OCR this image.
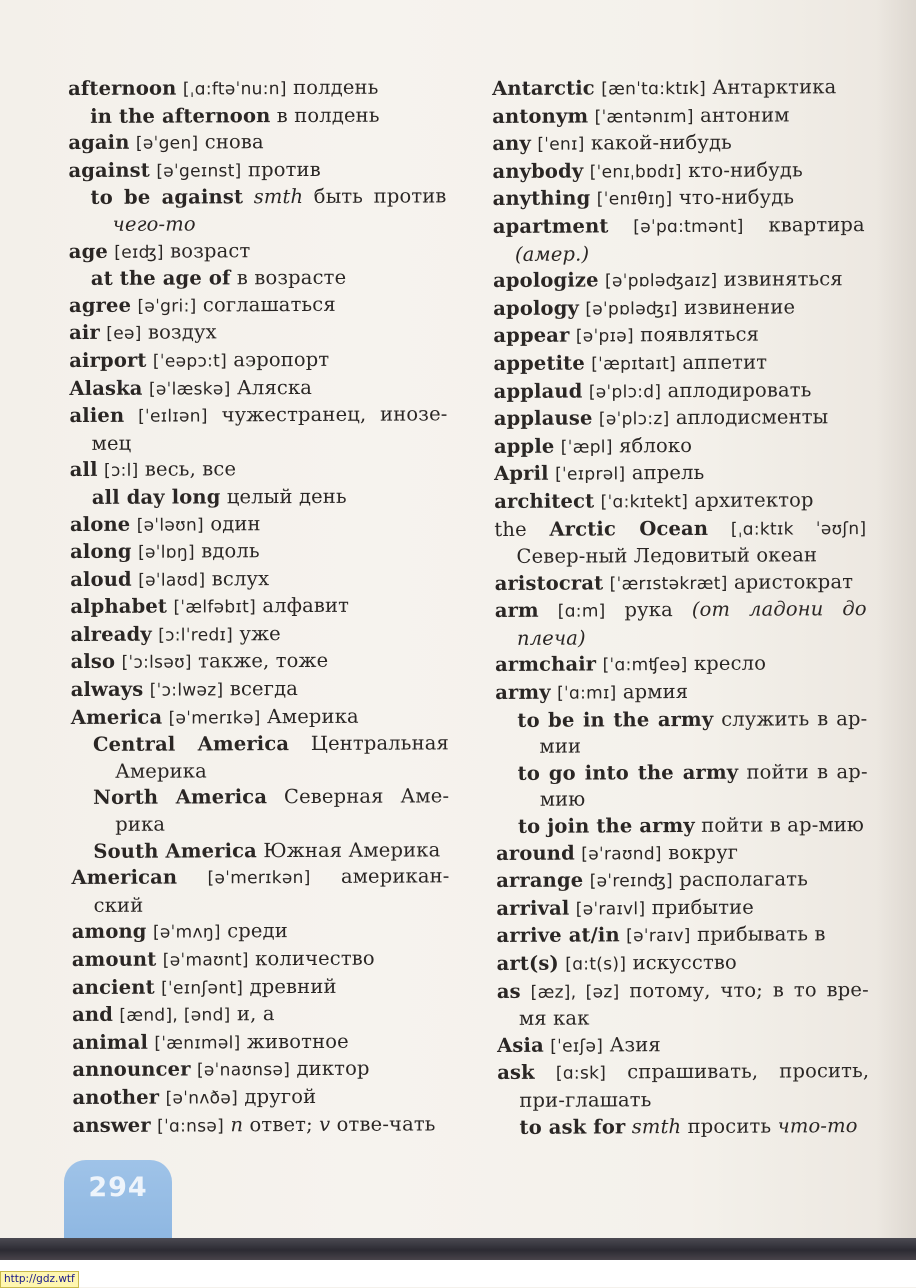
afternoon [ˌɑ:ftəˈnu:n] полдень
in the afternoon в полдень
again [əˈgen] снова
against [əˈgeɪnst] против
to be against smth быть против чего-то
age [eɪʤ] возраст
at the age of в возрасте
agree [əˈgri:] соглашаться
air [eə] воздух
airport [ˈeəpɔ:t] аэропорт
Alaska [əˈlæskə] Аляска
alien [ˈeɪlɪən] чужестранец, инозе-мец
all [ɔ:l] весь, все
all day long целый день
alone [əˈləʊn] один
along [əˈlɒŋ] вдоль
aloud [əˈlaʊd] вслух
alphabet [ˈælfəbɪt] алфавит
already [ɔ:lˈredɪ] уже
also [ˈɔ:lsəʊ] также, тоже
always [ˈɔ:lwəz] всегда
America [əˈmerɪkə] Америка
Central America Центральная Америка
North America Северная Аме-рика
South America Южная Америка
American [əˈmerɪkən] американ-ский
among [əˈmʌŋ] среди
amount [əˈmaʊnt] количество
ancient [ˈeɪnʃənt] древний
and [ænd], [ənd] и, а
animal [ˈænɪməl] животное
announcer [əˈnaʊnsə] диктор
another [əˈnʌðə] другой
answer [ˈɑ:nsə] n ответ; v отве-чать
Antarctic [ænˈtɑ:ktɪk] Антарктика
antonym [ˈæntənɪm] антоним
any [ˈenɪ] какой-нибудь
anybody [ˈenɪˌbɒdɪ] кто-нибудь
anything [ˈenɪθɪŋ] что-нибудь
apartment [əˈpɑ:tmənt] квартира (амер.)
apologize [əˈpɒləʤaɪz] извиняться
apology [əˈpɒləʤɪ] извинение
appear [əˈpɪə] появляться
appetite [ˈæpɪtaɪt] аппетит
applaud [əˈplɔ:d] аплодировать
applause [əˈplɔ:z] аплодисменты
apple [ˈæpl] яблоко
April [ˈeɪprəl] апрель
architect [ˈɑ:kɪtekt] архитектор
the Arctic Ocean [ˌɑ:ktɪk ˈəʊʃn] Север-ный Ледовитый океан
aristocrat [ˈærɪstəkræt] аристократ
arm [ɑ:m] рука (от ладони до плеча)
armchair [ˈɑ:mʧeə] кресло
army [ˈɑ:mɪ] армия
to be in the army служить в ар-мии
to go into the army пойти в ар-мию
to join the army пойти в ар-мию
around [əˈraʊnd] вокруг
arrange [əˈreɪnʤ] располагать
arrival [əˈraɪvl] прибытие
arrive at/in [əˈraɪv] прибывать в
art(s) [ɑ:t(s)] искусство
as [æz], [əz] потому, что; в то вре-мя как
Asia [ˈeɪʃə] Азия
ask [ɑ:sk] спрашивать, просить, при-глашать
to ask for smth просить что-то
294
http://gdz.wtf
